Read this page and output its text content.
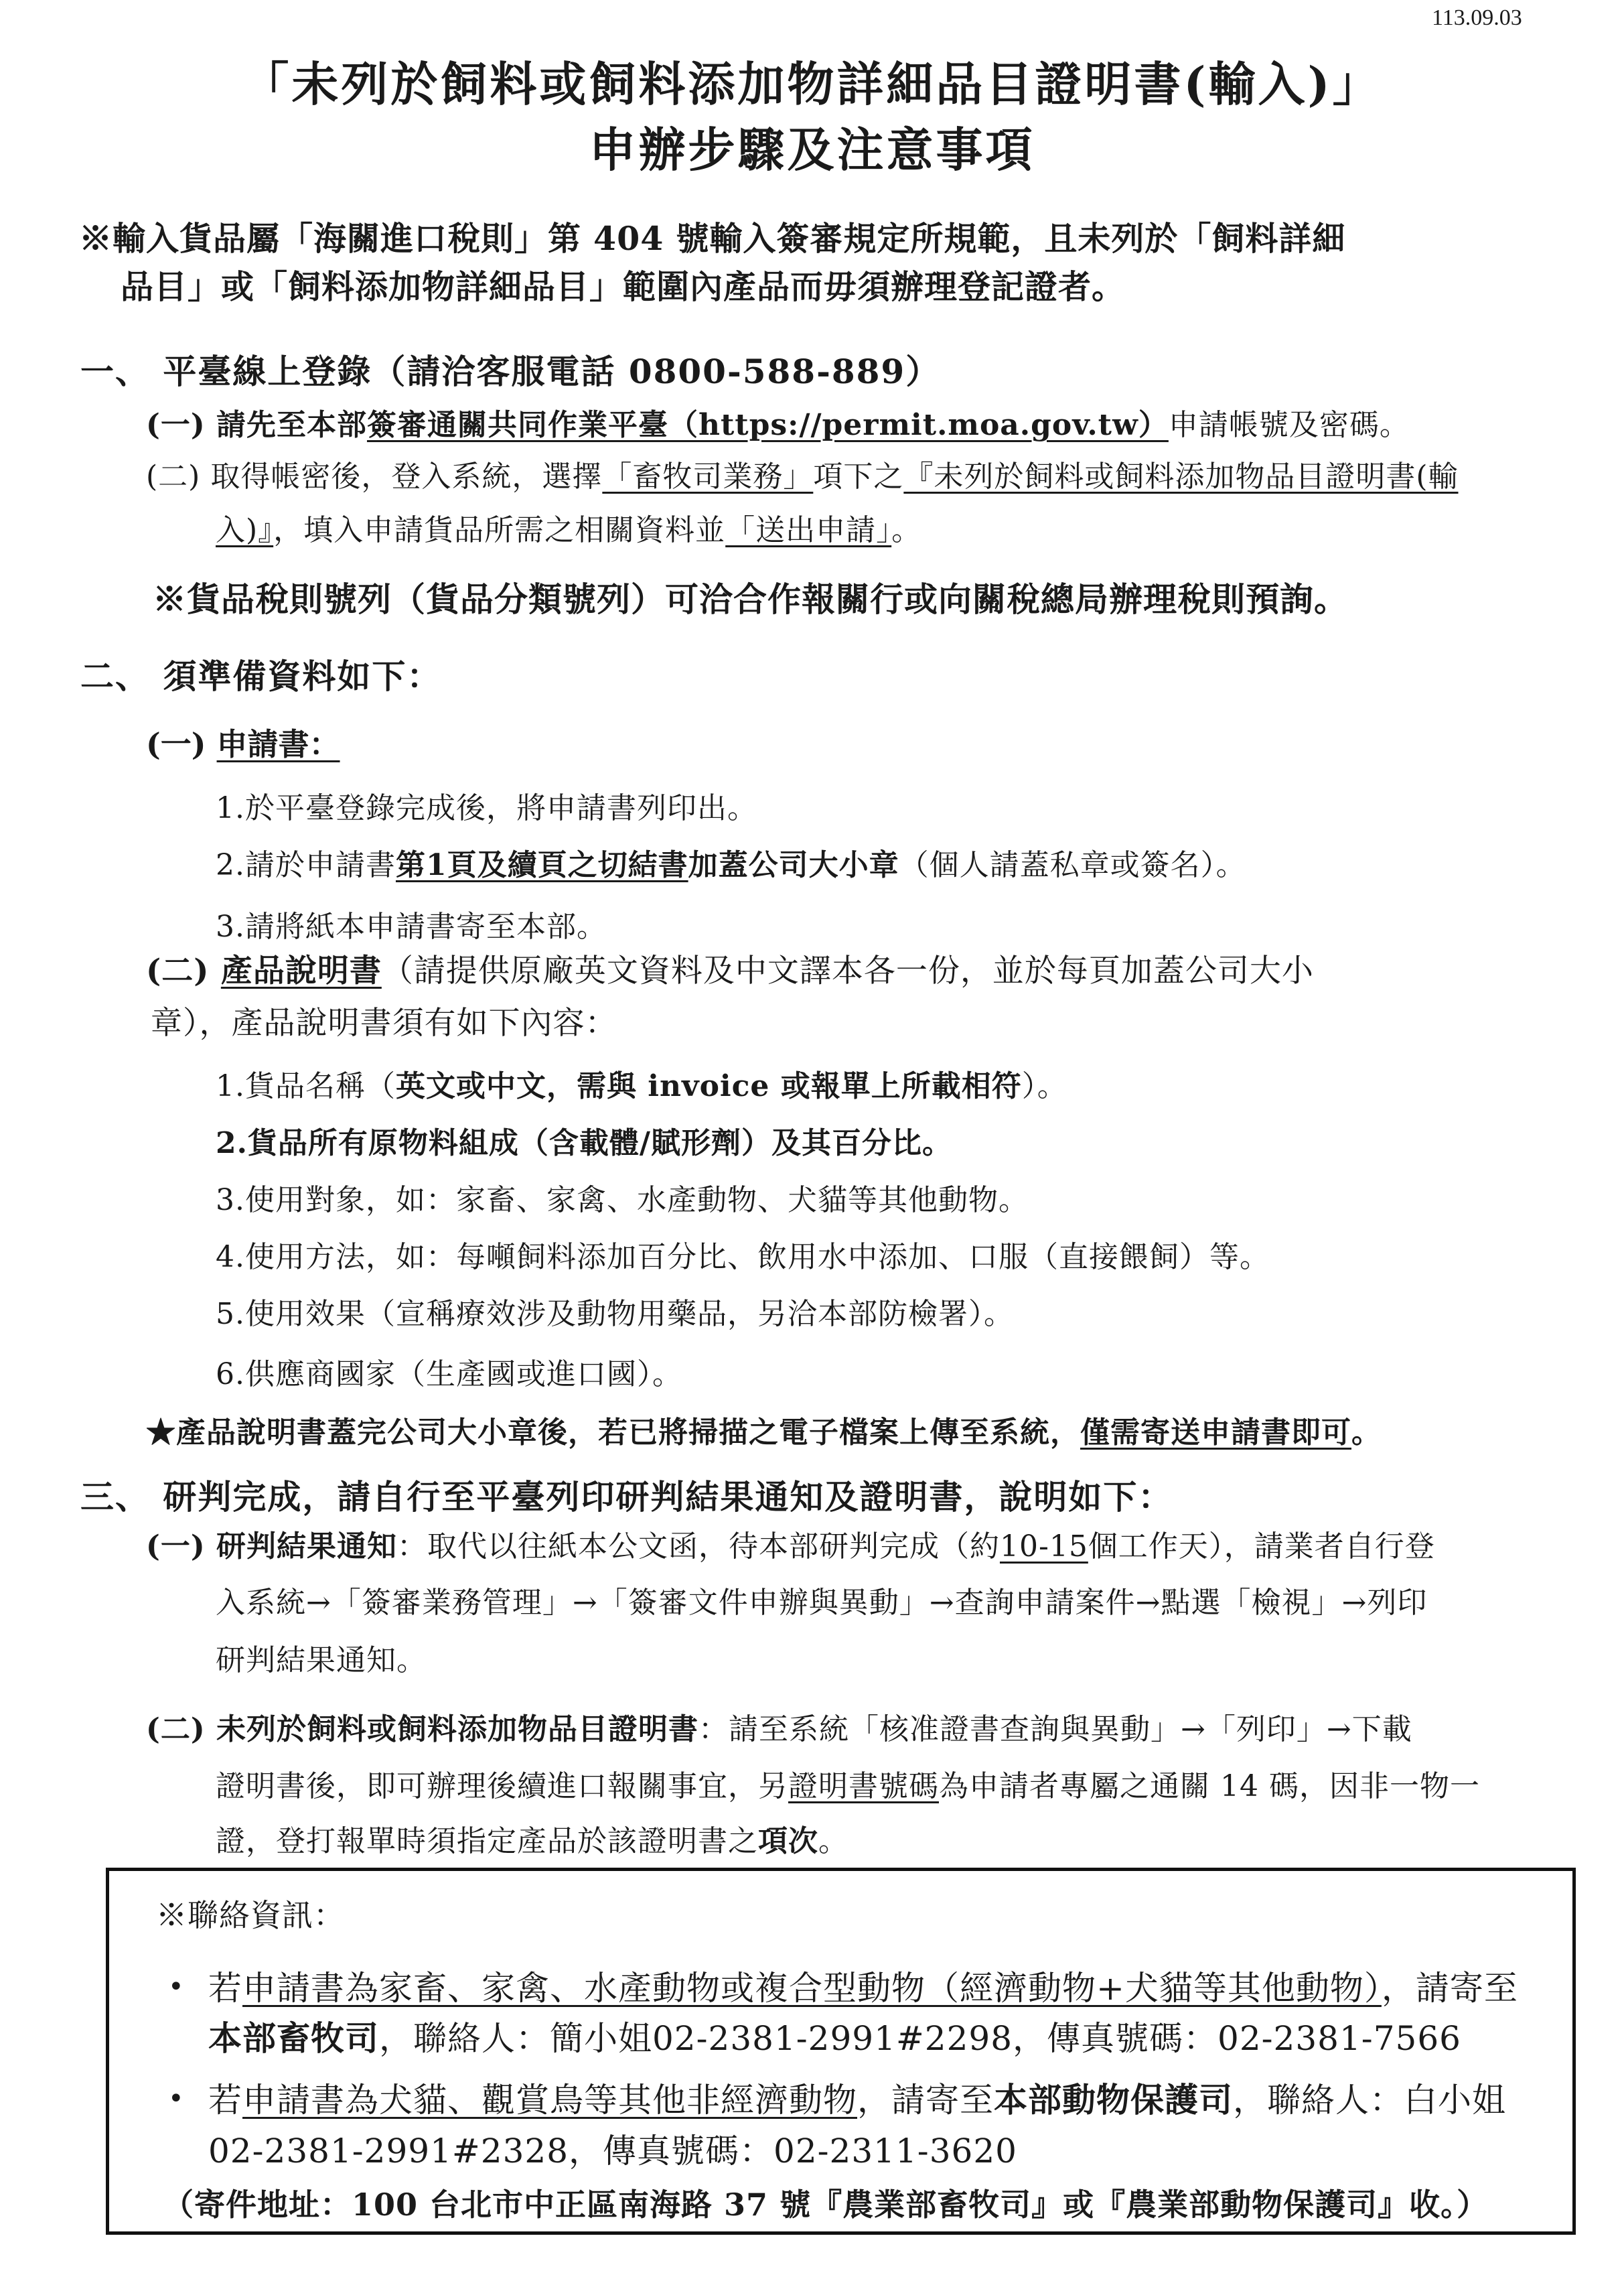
113.09.03
「未列於飼料或飼料添加物詳細品目證明書(輸入)」
申辦步驟及注意事項
※輸入貨品屬「海關進口稅則」第 404 號輸入簽審規定所規範，且未列於「飼料詳細
品目」或「飼料添加物詳細品目」範圍內產品而毋須辦理登記證者。
一、 平臺線上登錄（請洽客服電話 0800-588-889）
(一) 請先至本部簽審通關共同作業平臺（https://permit.moa.gov.tw）申請帳號及密碼。
(二) 取得帳密後，登入系統，選擇「畜牧司業務」項下之『未列於飼料或飼料添加物品目證明書(輸
入)』，填入申請貨品所需之相關資料並「送出申請」。
※貨品稅則號列（貨品分類號列）可洽合作報關行或向關稅總局辦理稅則預詢。
二、 須準備資料如下：
(一) 申請書：
1.於平臺登錄完成後，將申請書列印出。
2.請於申請書第1頁及續頁之切結書加蓋公司大小章（個人請蓋私章或簽名）。
3.請將紙本申請書寄至本部。
(二) 產品說明書（請提供原廠英文資料及中文譯本各一份，並於每頁加蓋公司大小
章），產品說明書須有如下內容：
1.貨品名稱（英文或中文，需與 invoice 或報單上所載相符）。
2.貨品所有原物料組成（含載體/賦形劑）及其百分比。
3.使用對象，如：家畜、家禽、水產動物、犬貓等其他動物。
4.使用方法，如：每噸飼料添加百分比、飲用水中添加、口服（直接餵飼）等。
5.使用效果（宣稱療效涉及動物用藥品，另洽本部防檢署）。
6.供應商國家（生產國或進口國）。
★產品說明書蓋完公司大小章後，若已將掃描之電子檔案上傳至系統，僅需寄送申請書即可。
三、 研判完成，請自行至平臺列印研判結果通知及證明書，說明如下：
(一) 研判結果通知：取代以往紙本公文函，待本部研判完成（約10-15個工作天），請業者自行登
入系統→「簽審業務管理」→「簽審文件申辦與異動」→查詢申請案件→點選「檢視」→列印
研判結果通知。
(二) 未列於飼料或飼料添加物品目證明書：請至系統「核准證書查詢與異動」→「列印」→下載
證明書後，即可辦理後續進口報關事宜，另證明書號碼為申請者專屬之通關 14 碼，因非一物一
證，登打報單時須指定產品於該證明書之項次。
※聯絡資訊：
• 若申請書為家畜、家禽、水產動物或複合型動物（經濟動物+犬貓等其他動物），請寄至
本部畜牧司，聯絡人：簡小姐02-2381-2991#2298，傳真號碼：02-2381-7566
• 若申請書為犬貓、觀賞鳥等其他非經濟動物，請寄至本部動物保護司，聯絡人：白小姐
02-2381-2991#2328，傳真號碼：02-2311-3620
（寄件地址：100 台北市中正區南海路 37 號『農業部畜牧司』或『農業部動物保護司』收。）
